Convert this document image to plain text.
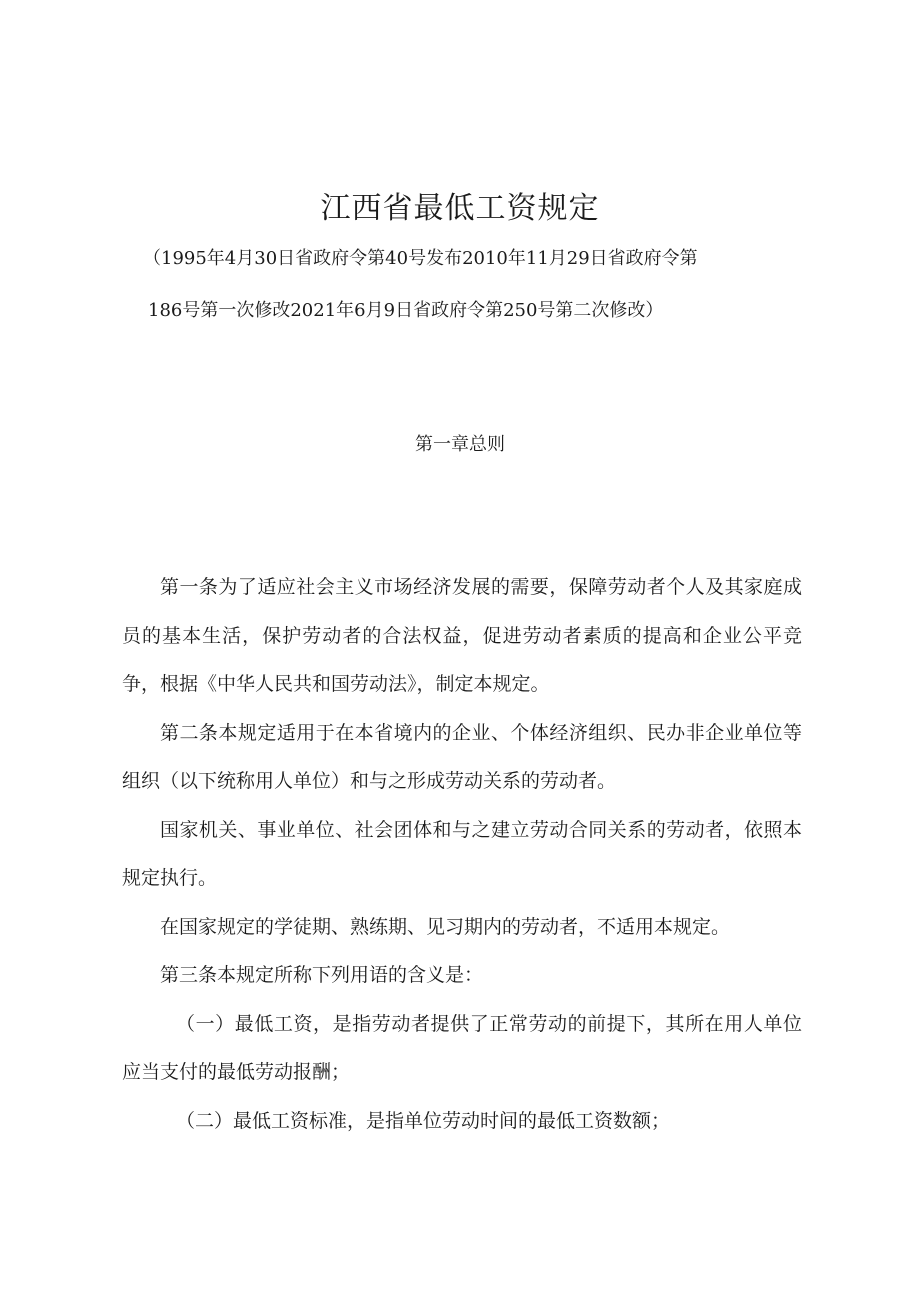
江西省最低工资规定
（1995年4月30日省政府令第40号发布2010年11月29日省政府令第
186号第一次修改2021年6月9日省政府令第250号第二次修改）
第一章总则

第一条为了适应社会主义市场经济发展的需要，保障劳动者个人及其家庭成员的基本生活，保护劳动者的合法权益，促进劳动者素质的提高和企业公平竞争，根据《中华人民共和国劳动法》，制定本规定。

第二条本规定适用于在本省境内的企业、个体经济组织、民办非企业单位等组织（以下统称用人单位）和与之形成劳动关系的劳动者。

国家机关、事业单位、社会团体和与之建立劳动合同关系的劳动者，依照本规定执行。

在国家规定的学徒期、熟练期、见习期内的劳动者，不适用本规定。

第三条本规定所称下列用语的含义是：

（一）最低工资，是指劳动者提供了正常劳动的前提下，其所在用人单位应当支付的最低劳动报酬；

（二）最低工资标准，是指单位劳动时间的最低工资数额；
